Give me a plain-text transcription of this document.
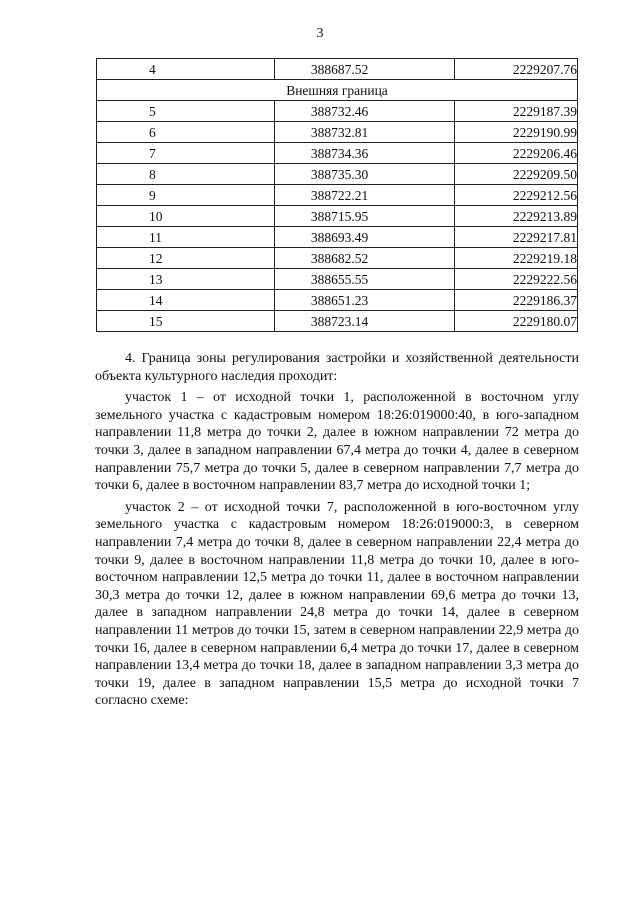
3
4	388687.52	2229207.76
Внешняя граница		
5	388732.46	2229187.39
6	388732.81	2229190.99
7	388734.36	2229206.46
8	388735.30	2229209.50
9	388722.21	2229212.56
10	388715.95	2229213.89
11	388693.49	2229217.81
12	388682.52	2229219.18
13	388655.55	2229222.56
14	388651.23	2229186.37
15	388723.14	2229180.07

4. Граница зоны регулирования застройки и хозяйственной деятельности объекта культурного наследия проходит:

участок 1 – от исходной точки 1, расположенной в восточном углу земельного участка с кадастровым номером 18:26:019000:40, в юго-западном направлении 11,8 метра до точки 2, далее в южном направлении 72 метра до точки 3, далее в западном направлении 67,4 метра до точки 4, далее в северном направлении 75,7 метра до точки 5, далее в северном направлении 7,7 метра до точки 6, далее в восточном направлении 83,7 метра до исходной точки 1;

участок 2 – от исходной точки 7, расположенной в юго-восточном углу земельного участка с кадастровым номером 18:26:019000:3, в северном направлении 7,4 метра до точки 8, далее в северном направлении 22,4 метра до точки 9, далее в восточном направлении 11,8 метра до точки 10, далее в юго-восточном направлении 12,5 метра до точки 11, далее в восточном направлении 30,3 метра до точки 12, далее в южном направлении 69,6 метра до точки 13, далее в западном направлении 24,8 метра до точки 14, далее в северном направлении 11 метров до точки 15, затем в северном направлении 22,9 метра до точки 16, далее в северном направлении 6,4 метра до точки 17, далее в северном направлении 13,4 метра до точки 18, далее в западном направлении 3,3 метра до точки 19, далее в западном направлении 15,5 метра до исходной точки 7 согласно схеме:
